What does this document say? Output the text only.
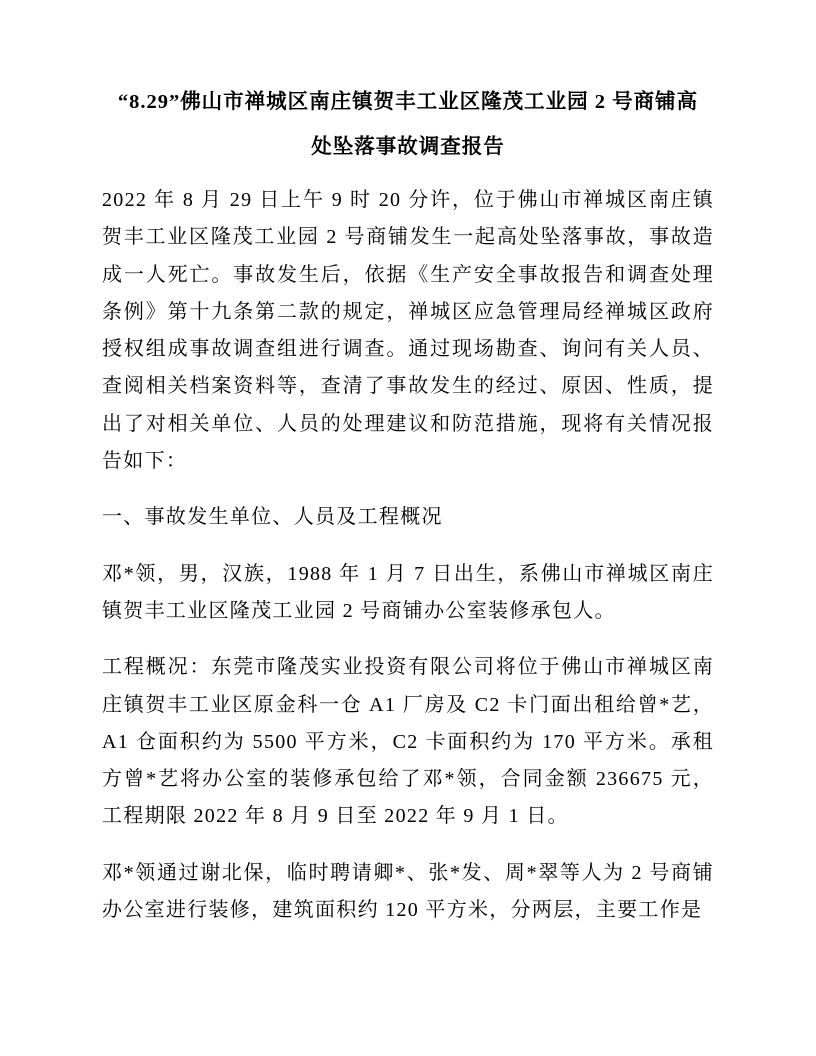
“8.29”佛山市禅城区南庄镇贺丰工业区隆茂工业园 2 号商铺高
处坠落事故调查报告

2022 年 8 月 29 日上午 9 时 20 分许，位于佛山市禅城区南庄镇贺丰工业区隆茂工业园 2 号商铺发生一起高处坠落事故，事故造成一人死亡。事故发生后，依据《生产安全事故报告和调查处理条例》第十九条第二款的规定，禅城区应急管理局经禅城区政府授权组成事故调查组进行调查。通过现场勘查、询问有关人员、查阅相关档案资料等，查清了事故发生的经过、原因、性质，提出了对相关单位、人员的处理建议和防范措施，现将有关情况报告如下：

一、事故发生单位、人员及工程概况

邓*领，男，汉族，1988 年 1 月 7 日出生，系佛山市禅城区南庄镇贺丰工业区隆茂工业园 2 号商铺办公室装修承包人。

工程概况：东莞市隆茂实业投资有限公司将位于佛山市禅城区南庄镇贺丰工业区原金科一仓 A1 厂房及 C2 卡门面出租给曾*艺，A1 仓面积约为 5500 平方米，C2 卡面积约为 170 平方米。承租方曾*艺将办公室的装修承包给了邓*领，合同金额 236675 元，工程期限 2022 年 8 月 9 日至 2022 年 9 月 1 日。

邓*领通过谢北保，临时聘请卿*、张*发、周*翠等人为 2 号商铺办公室进行装修，建筑面积约 120 平方米，分两层，主要工作是
